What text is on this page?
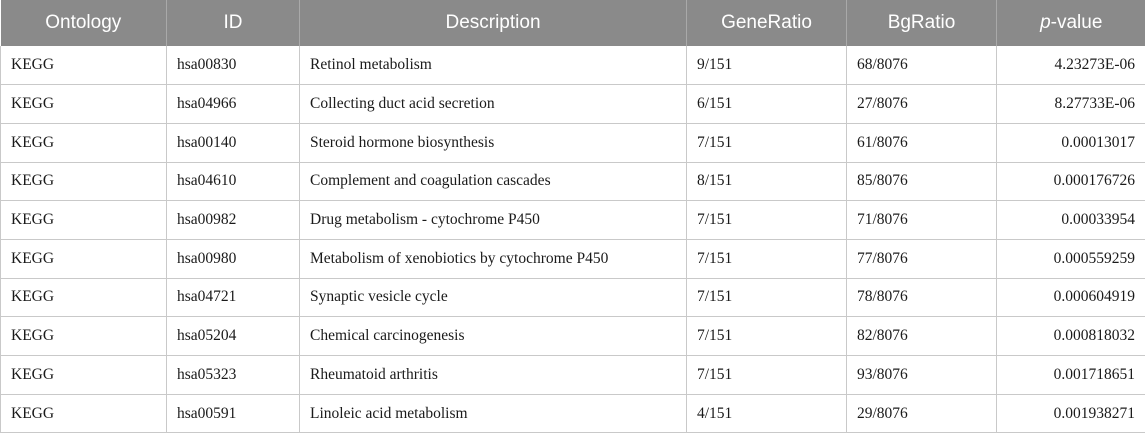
Ontology	ID	Description	GeneRatio	BgRatio	p-value
KEGG	hsa00830	Retinol metabolism	9/151	68/8076	4.23273E-06
KEGG	hsa04966	Collecting duct acid secretion	6/151	27/8076	8.27733E-06
KEGG	hsa00140	Steroid hormone biosynthesis	7/151	61/8076	0.00013017
KEGG	hsa04610	Complement and coagulation cascades	8/151	85/8076	0.000176726
KEGG	hsa00982	Drug metabolism - cytochrome P450	7/151	71/8076	0.00033954
KEGG	hsa00980	Metabolism of xenobiotics by cytochrome P450	7/151	77/8076	0.000559259
KEGG	hsa04721	Synaptic vesicle cycle	7/151	78/8076	0.000604919
KEGG	hsa05204	Chemical carcinogenesis	7/151	82/8076	0.000818032
KEGG	hsa05323	Rheumatoid arthritis	7/151	93/8076	0.001718651
KEGG	hsa00591	Linoleic acid metabolism	4/151	29/8076	0.001938271
